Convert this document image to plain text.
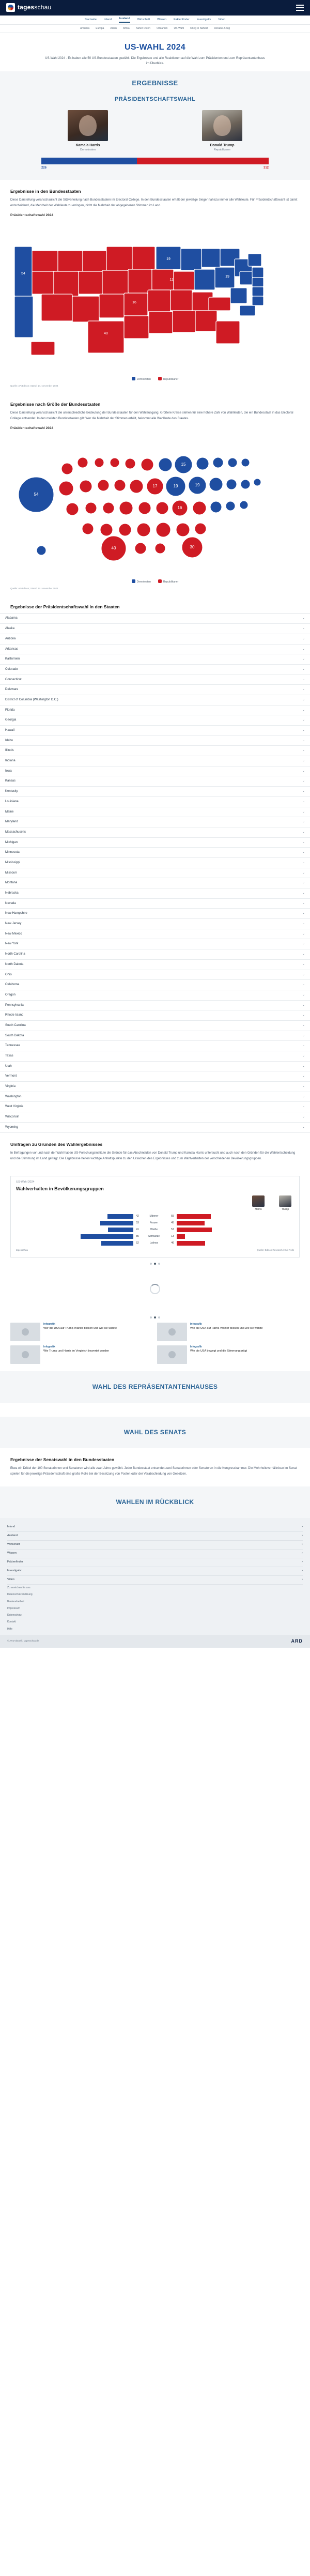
tagesschau
Startseite	Inland	Ausland	Wirtschaft	Wissen	Faktenfinder	Investigativ	Video
Amerika Europa Asien Afrika Naher Osten Ozeanien US-Wahl Krieg in Nahost Ukraine-Krieg
US-WAHL 2024
US-Wahl 2024 - Es haben alle 50 US-Bundesstaaten gewählt. Die Ergebnisse und alle Reaktionen auf die Wahl zum Präsidenten und zum Repräsentantenhaus im Überblick.
ERGEBNISSE
PRÄSIDENTSCHAFTSWAHL
Kamala Harris
Demokraten
Donald Trump
Republikaner
226	312
Ergebnisse in den Bundesstaaten

Diese Darstellung veranschaulicht die Sitzverteilung nach Bundesstaaten im Electoral College. In den Bundesstaaten erhält der jeweilige Sieger nahezu immer alle Wahlleute. Für Präsidentschaftswahl ist damit entscheidend, die Mehrheit der Wahlleute zu erringen, nicht die Mehrheit der abgegebenen Stimmen im Land.

Präsidentschaftswahl 2024
54
40
19
19
16
11
Demokraten	Republikaner
Quelle: AP/Edison; Stand: 14. November 2024
Ergebnisse nach Größe der Bundesstaaten

Diese Darstellung veranschaulicht die unterschiedliche Bedeutung der Bundesstaaten für den Wahlausgang. Größere Kreise stehen für eine höhere Zahl von Wahlleuten, die ein Bundesstaat in das Electoral College entsendet. In den meisten Bundesstaaten gilt: Wer die Mehrheit der Stimmen erhält, bekommt alle Wahlleute des Staates.

Präsidentschaftswahl 2024
54
40	30
19
17	19
16
15
Demokraten	Republikaner
Quelle: AP/Edison; Stand: 14. November 2024
Ergebnisse der Präsidentschaftswahl in den Staaten
Alabama	⌄
Alaska	⌄
Arizona	⌄
Arkansas	⌄
Kalifornien	⌄
Colorado	⌄
Connecticut	⌄
Delaware	⌄
District of Columbia (Washington D.C.)	⌄
Florida	⌄
Georgia	⌄
Hawaii	⌄
Idaho	⌄
Illinois	⌄
Indiana	⌄
Iowa	⌄
Kansas	⌄
Kentucky	⌄
Louisiana	⌄
Maine	⌄
Maryland	⌄
Massachusetts	⌄
Michigan	⌄
Minnesota	⌄
Mississippi	⌄
Missouri	⌄
Montana	⌄
Nebraska	⌄
Nevada	⌄
New Hampshire	⌄
New Jersey	⌄
New Mexico	⌄
New York	⌄
North Carolina	⌄
North Dakota	⌄
Ohio	⌄
Oklahoma	⌄
Oregon	⌄
Pennsylvania	⌄
Rhode Island	⌄
South Carolina	⌄
South Dakota	⌄
Tennessee	⌄
Texas	⌄
Utah	⌄
Vermont	⌄
Virginia	⌄
Washington	⌄
West Virginia	⌄
Wisconsin	⌄
Wyoming	⌄
Umfragen zu Gründen des Wahlergebnisses

In Befragungen vor und nach der Wahl haben US-Forschungsinstitute die Gründe für das Abschneiden von Donald Trump und Kamala Harris untersucht und auch nach den Gründen für die Wahlentscheidung und die Stimmung im Land gefragt. Die Ergebnisse helfen wichtige Anhaltspunkte zu den Ursachen des Ergebnisses und zum Wahlverhalten der verschiedenen Bevölkerungsgruppen.

US-Wahl 2024
Wahlverhalten in Bevölkerungsgruppen
Harris	Trump
42	Männer	55
53	Frauen	45
41	Weiße	57
85	Schwarze	13
52	Latinos	46
tagesschau	Quelle: Edison Research / Exit Polls
Infografik
Wer die USA auf Trump-Wähler blicken und wie sie wählte
Infografik
Wie die USA auf Harris-Wähler blicken und wie sie wählte
Infografik
Wie Trump und Harris im Vergleich bewertet werden
Infografik
Wie die USA bewegt und die Stimmung prägt
WAHL DES REPRÄSENTANTENHAUSES
WAHL DES SENATS
Ergebnisse der Senatswahl in den Bundesstaaten

Etwa ein Drittel der 100 Senatorinnen und Senatoren wird alle zwei Jahre gewählt. Jeder Bundesstaat entsendet zwei Senatorinnen oder Senatoren in die Kongresskammer. Die Mehrheitsverhältnisse im Senat spielen für die jeweilige Präsidentschaft eine große Rolle bei der Besetzung von Posten oder der Verabschiedung von Gesetzen.

WAHLEN IM RÜCKBLICK
Inland	›
Ausland	›
Wirtschaft	›
Wissen	›
Faktenfinder	›
Investigativ	›
Video	›
Zu erreichen für uns
Datenschutzerklärung
Barrierefreiheit
Impressum
Datenschutz
Kontakt
Hilfe
© ARD-aktuell / tagesschau.de	ARD
